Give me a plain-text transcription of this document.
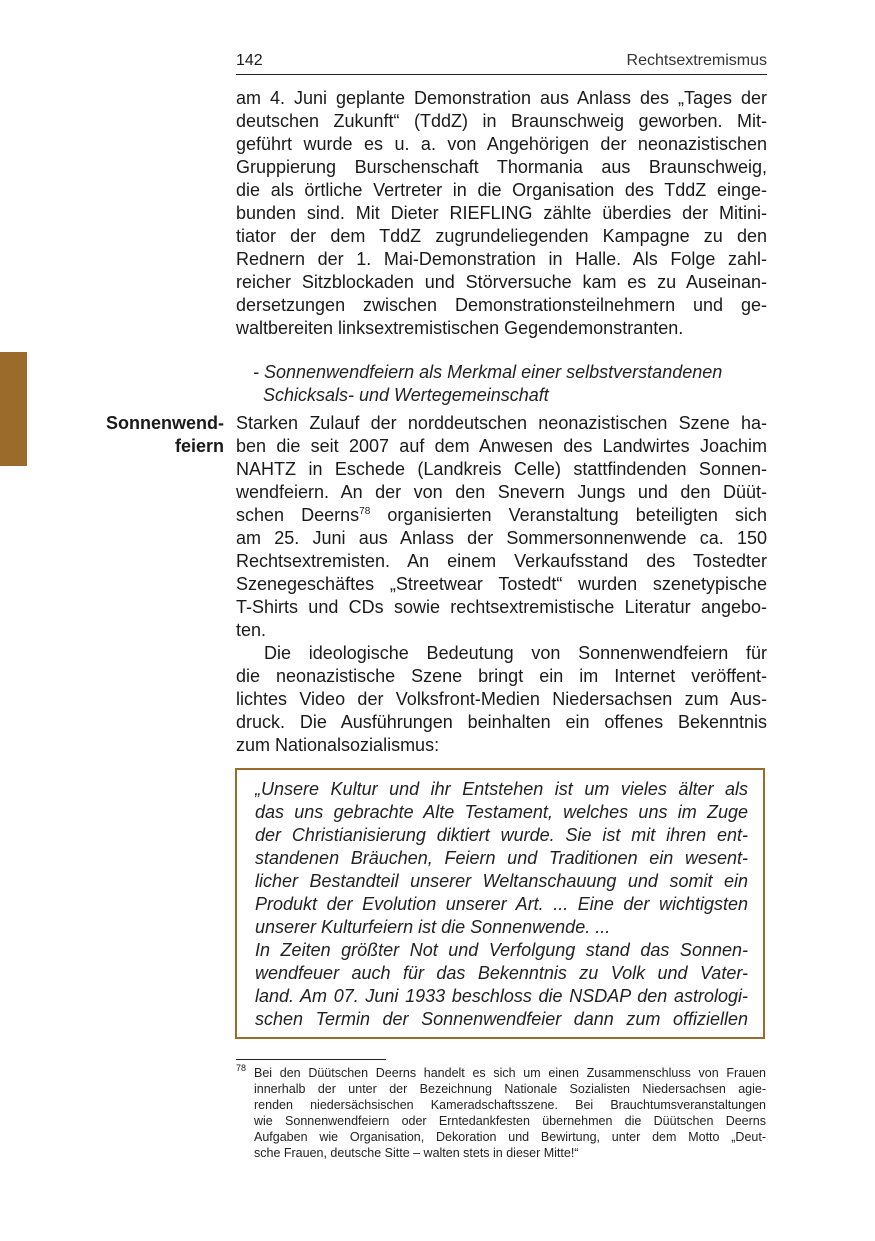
142	Rechtsextremismus
am 4. Juni geplante Demonstration aus Anlass des „Tages der
deutschen Zukunft“ (TddZ) in Braunschweig geworben. Mit-
geführt wurde es u. a. von Angehörigen der neonazistischen
Gruppierung Burschenschaft Thormania aus Braunschweig,
die als örtliche Vertreter in die Organisation des TddZ einge-
bunden sind. Mit Dieter RIEFLING zählte überdies der Mitini-
tiator der dem TddZ zugrundeliegenden Kampagne zu den
Rednern der 1. Mai-Demonstration in Halle. Als Folge zahl-
reicher Sitzblockaden und Störversuche kam es zu Auseinan-
dersetzungen zwischen Demonstrationsteilnehmern und ge-
waltbereiten linksextremistischen Gegendemonstranten.
- Sonnenwendfeiern als Merkmal einer selbstverstandenen
Schicksals- und Wertegemeinschaft
Sonnenwend-
feiern
Starken Zulauf der norddeutschen neonazistischen Szene ha-
ben die seit 2007 auf dem Anwesen des Landwirtes Joachim
NAHTZ in Eschede (Landkreis Celle) stattfindenden Sonnen-
wendfeiern. An der von den Snevern Jungs und den Düüt-
schen Deerns$^{78}$ organisierten Veranstaltung beteiligten sich
am 25. Juni aus Anlass der Sommersonnenwende ca. 150
Rechtsextremisten. An einem Verkaufsstand des Tostedter
Szenegeschäftes „Streetwear Tostedt“ wurden szenetypische
T-Shirts und CDs sowie rechtsextremistische Literatur angebo-
ten.
Die ideologische Bedeutung von Sonnenwendfeiern für
die neonazistische Szene bringt ein im Internet veröffent-
lichtes Video der Volksfront-Medien Niedersachsen zum Aus-
druck. Die Ausführungen beinhalten ein offenes Bekenntnis
zum Nationalsozialismus:
„Unsere Kultur und ihr Entstehen ist um vieles älter als
das uns gebrachte Alte Testament, welches uns im Zuge
der Christianisierung diktiert wurde. Sie ist mit ihren ent-
standenen Bräuchen, Feiern und Traditionen ein wesent-
licher Bestandteil unserer Weltanschauung und somit ein
Produkt der Evolution unserer Art. ... Eine der wichtigsten
unserer Kulturfeiern ist die Sonnenwende. ...
In Zeiten größter Not und Verfolgung stand das Sonnen-
wendfeuer auch für das Bekenntnis zu Volk und Vater-
land. Am 07. Juni 1933 beschloss die NSDAP den astrologi-
schen Termin der Sonnenwendfeier dann zum offiziellen
78 Bei den Düütschen Deerns handelt es sich um einen Zusammenschluss von Frauen
innerhalb der unter der Bezeichnung Nationale Sozialisten Niedersachsen agie-
renden niedersächsischen Kameradschaftsszene. Bei Brauchtumsveranstaltungen
wie Sonnenwendfeiern oder Erntedankfesten übernehmen die Düütschen Deerns
Aufgaben wie Organisation, Dekoration und Bewirtung, unter dem Motto „Deut-
sche Frauen, deutsche Sitte – walten stets in dieser Mitte!“
